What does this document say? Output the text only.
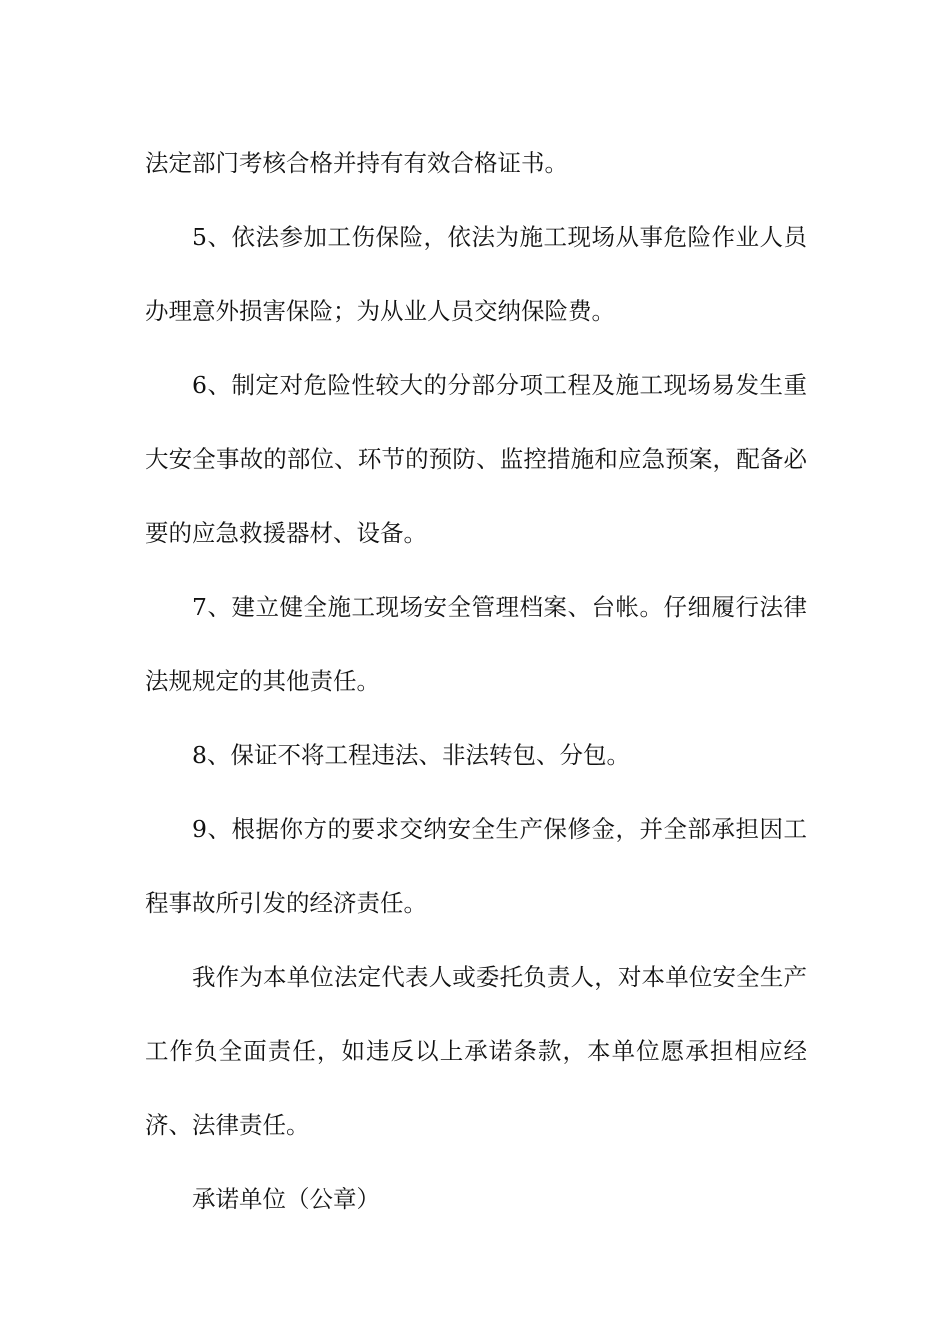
法定部门考核合格并持有有效合格证书。

5、依法参加工伤保险，依法为施工现场从事危险作业人员办理意外损害保险；为从业人员交纳保险费。

6、制定对危险性较大的分部分项工程及施工现场易发生重大安全事故的部位、环节的预防、监控措施和应急预案，配备必要的应急救援器材、设备。

7、建立健全施工现场安全管理档案、台帐。仔细履行法律法规规定的其他责任。

8、保证不将工程违法、非法转包、分包。

9、根据你方的要求交纳安全生产保修金，并全部承担因工程事故所引发的经济责任。

我作为本单位法定代表人或委托负责人，对本单位安全生产工作负全面责任，如违反以上承诺条款，本单位愿承担相应经济、法律责任。

承诺单位（公章）
